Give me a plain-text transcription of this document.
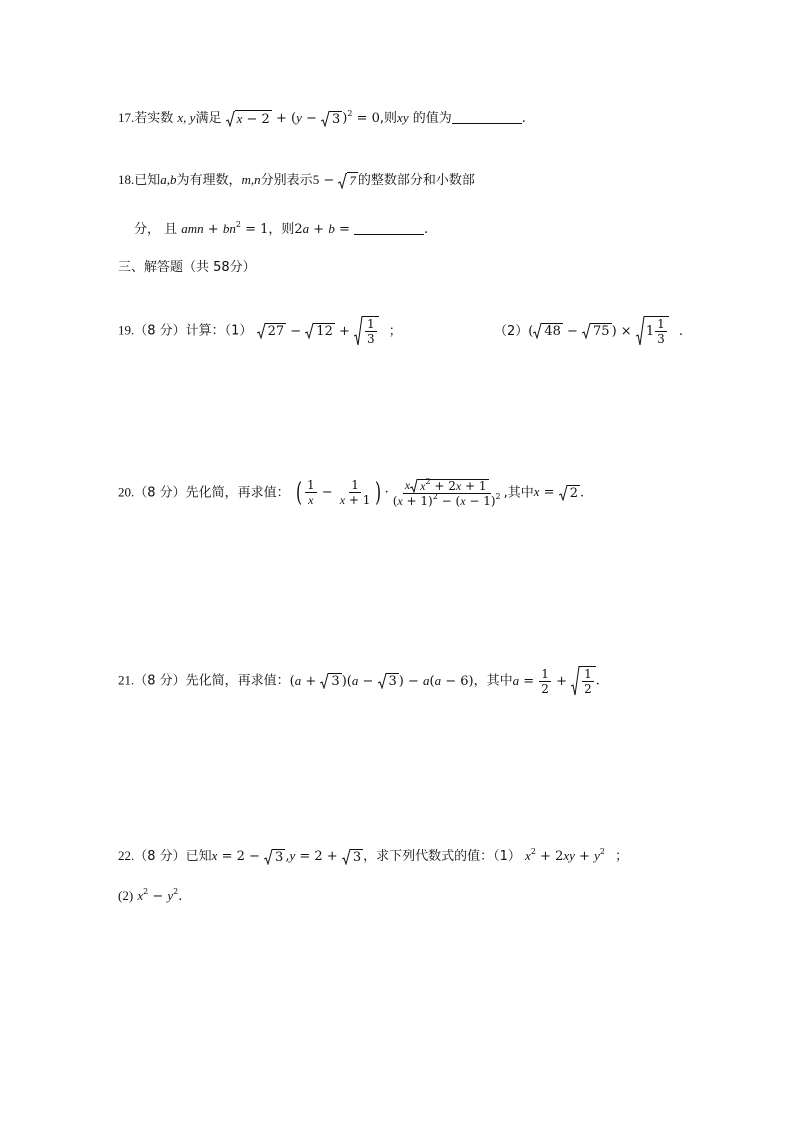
17.若实数 x, y满足 x − 2 + (y − 3 )$^2$ = 0,则xy 的值为	.
18.已知a,b为有理数，m,n分别表示5 − 7 的整数部分和小数部
分， 且 amn + $bn^2 = 1$，则2a + b =	.
三、解答题（共 58分）
19.（8 分）计算：（1） $27 - 12 + \frac{1}{3}$ ；	（2）( 48 − 75 ) × $1 \frac{1}{3}$ .
20.（8 分）先化简，再求值： ( $\frac{1}{x} - \frac{1}{x + 1}$ ) · $\frac{x x^2 + 2x + 1}{(x + 1)^2 - (x - 1)^2}$ ,其中x = 2 .
21.（8 分）先化简，再求值：(a + 3 )(a − 3 ) − a(a − 6)，其中$a = \frac{1}{2} + \frac{1}{2}$ .
22.（8 分）已知x = 2 − 3 ,y = 2 + 3 ，求下列代数式的值：（1） $x^2 + 2xy + y^2$ ；
(2) $x^2 - y^2$.
